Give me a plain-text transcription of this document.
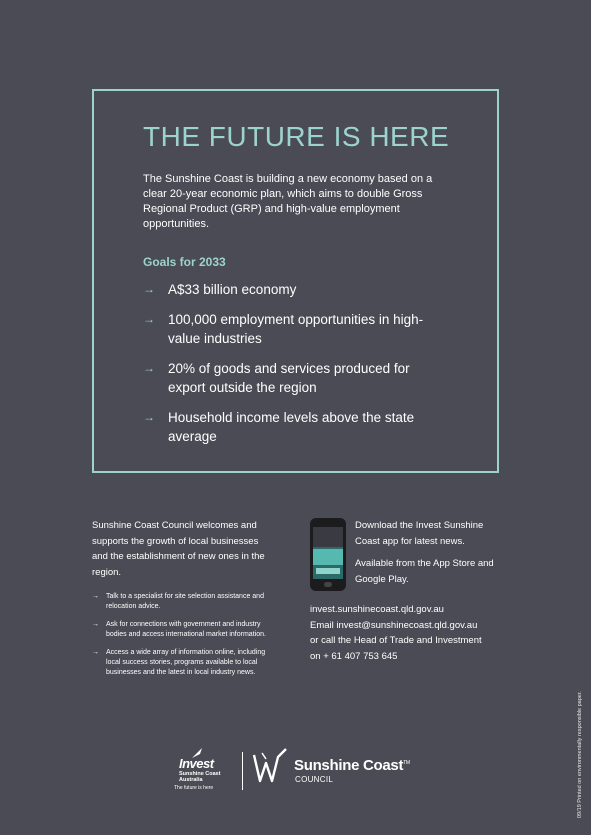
THE FUTURE IS HERE

The Sunshine Coast is building a new economy based on a clear 20-year economic plan, which aims to double Gross Regional Product (GRP) and high-value employment opportunities.

Goals for 2033
→ A$33 billion economy
→ 100,000 employment opportunities in high-value industries
→ 20% of goods and services produced for export outside the region
→ Household income levels above the state average

Sunshine Coast Council welcomes and supports the growth of local businesses and the establishment of new ones in the region.

→ Talk to a specialist for site selection assistance and relocation advice.
→ Ask for connections with government and industry bodies and access international market information.
→ Access a wide array of information online, including local success stories, programs available to local businesses and the latest in local industry news.

Download the Invest Sunshine Coast app for latest news.

Available from the App Store and Google Play.

invest.sunshinecoast.qld.gov.au
Email invest@sunshinecoast.qld.gov.au
or call the Head of Trade and Investment
on + 61 407 753 645
09/19 Printed on environmentally responsible paper.
Invest
Sunshine Coast Australia
The future is here
Sunshine Coast™
COUNCIL
